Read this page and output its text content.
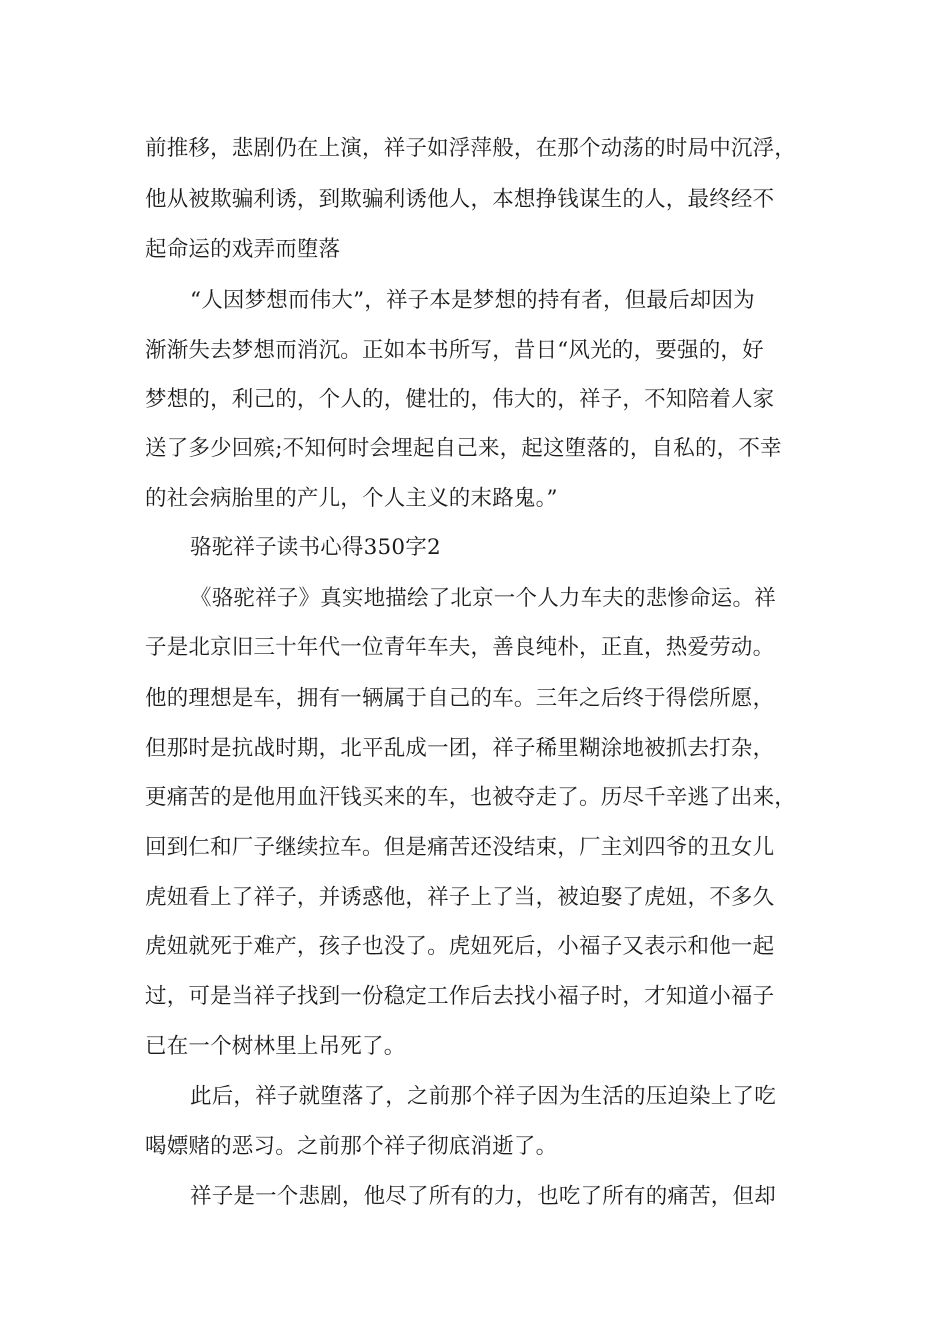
前推移，悲剧仍在上演，祥子如浮萍般，在那个动荡的时局中沉浮，
他从被欺骗利诱，到欺骗利诱他人，本想挣钱谋生的人，最终经不
起命运的戏弄而堕落
“人因梦想而伟大”，祥子本是梦想的持有者，但最后却因为
渐渐失去梦想而消沉。正如本书所写，昔日“风光的，要强的，好
梦想的，利己的，个人的，健壮的，伟大的，祥子，不知陪着人家
送了多少回殡;不知何时会埋起自己来，起这堕落的，自私的，不幸
的社会病胎里的产儿，个人主义的末路鬼。”
骆驼祥子读书心得350字2
《骆驼祥子》真实地描绘了北京一个人力车夫的悲惨命运。祥
子是北京旧三十年代一位青年车夫，善良纯朴，正直，热爱劳动。
他的理想是车，拥有一辆属于自己的车。三年之后终于得偿所愿，
但那时是抗战时期，北平乱成一团，祥子稀里糊涂地被抓去打杂，
更痛苦的是他用血汗钱买来的车，也被夺走了。历尽千辛逃了出来，
回到仁和厂子继续拉车。但是痛苦还没结束，厂主刘四爷的丑女儿
虎妞看上了祥子，并诱惑他，祥子上了当，被迫娶了虎妞，不多久
虎妞就死于难产，孩子也没了。虎妞死后，小福子又表示和他一起
过，可是当祥子找到一份稳定工作后去找小福子时，才知道小福子
已在一个树林里上吊死了。
此后，祥子就堕落了，之前那个祥子因为生活的压迫染上了吃
喝嫖赌的恶习。之前那个祥子彻底消逝了。
祥子是一个悲剧，他尽了所有的力，也吃了所有的痛苦，但却
